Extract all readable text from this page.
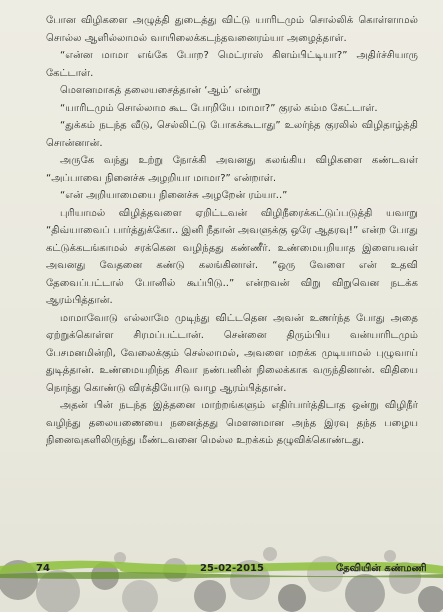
போன விழிகளை அழுத்தி துடைத்து விட்டு யாரிடமும் சொல்லிக் கொள்ளாமல் சொல்ல ஆளில்லாமல் வாயிலைக்கடந்தவனைரம்யா அழைத்தாள்.

“என்ன மாமா எங்கே போற? மெட்ராஸ் கிளம்பிட்டியா?” அதிர்ச்சியாரு கேட்டாள்.

மௌனமாகத் தலையசைத்தான் ‘ஆம்’ என்று

“யாரிடமும் சொல்லாம கூட போறியே மாமா?” குரல் கம்ம கேட்டாள்.

“துக்கம் நடந்த வீடு, செல்லிட்டு போகக்கூடாது” உலர்ந்த குரலில் விழிதாழ்த்தி சொன்னான்.

அருகே வந்து உற்று நோக்கி அவனது கலங்கிய விழிகளை கண்டவள் “அப்பாவை நினைச்சு அழறியா மாமா?” என்றாள்.

“என் அறியாமையை நினைச்சு அழறேன் ரம்யா..”

புரியாமல் விழித்தவளை ஏறிட்டவன் விழிநீரைக்கட்டுப்படுத்தி யவாறு “திவ்யாவைப் பார்த்துக்கோ.. இனி நீதான் அவளுக்கு ஒரே ஆதரவு!” என்ற போது கட்டுக்கடங்காமல் சரக்கென வழிந்தது கண்ணீர். உண்மையறியாத இளையவள் அவனது வேதனை கண்டு கலங்கினாள். “ஒரு வேளை என் உதவி தேவைப்பட்டால் போனில் கூப்பிடு..” என்றவன் விறு விறுவென நடக்க ஆரம்பித்தான்.

மாமாவோடு எல்லாமே முடிந்து விட்டதென அவன் உணர்ந்த போது அதை ஏற்றுக்கொள்ள சிரமப்பட்டான். சென்னை திரும்பிய வன்யாரிடமும் பேசமனமின்றி, வேலைக்கும் செல்லாமல், அவளை மறக்க முடியாமல் புழுவாய் துடித்தான். உண்மையறிந்த சிவா நண்பனின் நிலைக்காக வருந்தினான். விதியை நொந்து கொண்டு விரக்தியோடு வாழ ஆரம்பித்தான்.

அதன் பின் நடந்த இத்தனை மாற்றங்களும் எதிர்பார்த்திடாத ஒன்று விழிநீர் வழிந்து தலையணையை நனைத்தது மௌனமான அந்த இரவு தந்த பழைய நினைவுகளிலிருந்து மீண்டவனை மெல்ல உறக்கம் தழுவிக்கொண்டது.

74	25-02-2015	தேவியின் கண்மணி
